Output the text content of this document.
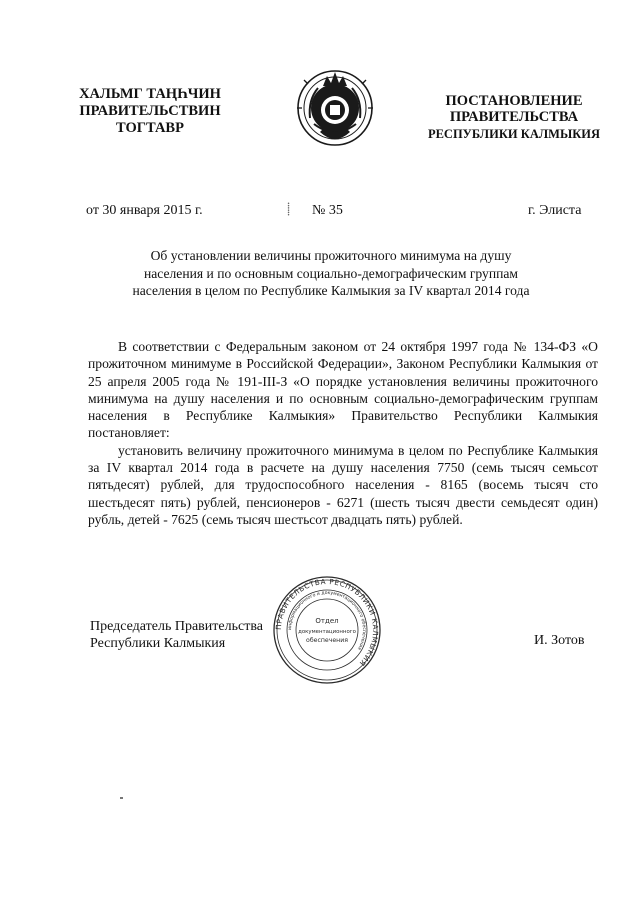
ХАЛЬМГ ТАҢҺЧИН
ПРАВИТЕЛЬСТВИН
ТОГТАВР
ПОСТАНОВЛЕНИЕ
ПРАВИТЕЛЬСТВА
РЕСПУБЛИКИ КАЛМЫКИЯ
от 30 января 2015 г.	⸽ № 35	г. Элиста
Об установлении величины прожиточного минимума на душу
населения и по основным социально-демографическим группам
населения в целом по Республике Калмыкия за IV квартал 2014 года

В соответствии с Федеральным законом от 24 октября 1997 года № 134-ФЗ «О прожиточном минимуме в Российской Федерации», Законом Республики Калмыкия от 25 апреля 2005 года № 191-III-З «О порядке установления величины прожиточного минимума на душу населения и по основным социально-демографическим группам населения в Республике Калмыкия» Правительство Республики Калмыкия постановляет:

установить величину прожиточного минимума в целом по Республике Калмыкия за IV квартал 2014 года в расчете на душу населения 7750 (семь тысяч семьсот пятьдесят) рублей, для трудоспособного населения - 8165 (восемь тысяч сто шестьдесят пять) рублей, пенсионеров - 6271 (шесть тысяч двести семьдесят один) рубль, детей - 7625 (семь тысяч шестьсот двадцать пять) рублей.

Председатель Правительства
Республики Калмыкия
ПРАВИТЕЛЬСТВА РЕСПУБЛИКИ КАЛМЫКИЯ
информационного и документационного обеспечения
Отдел
документационного
обеспечения	И. Зотов
